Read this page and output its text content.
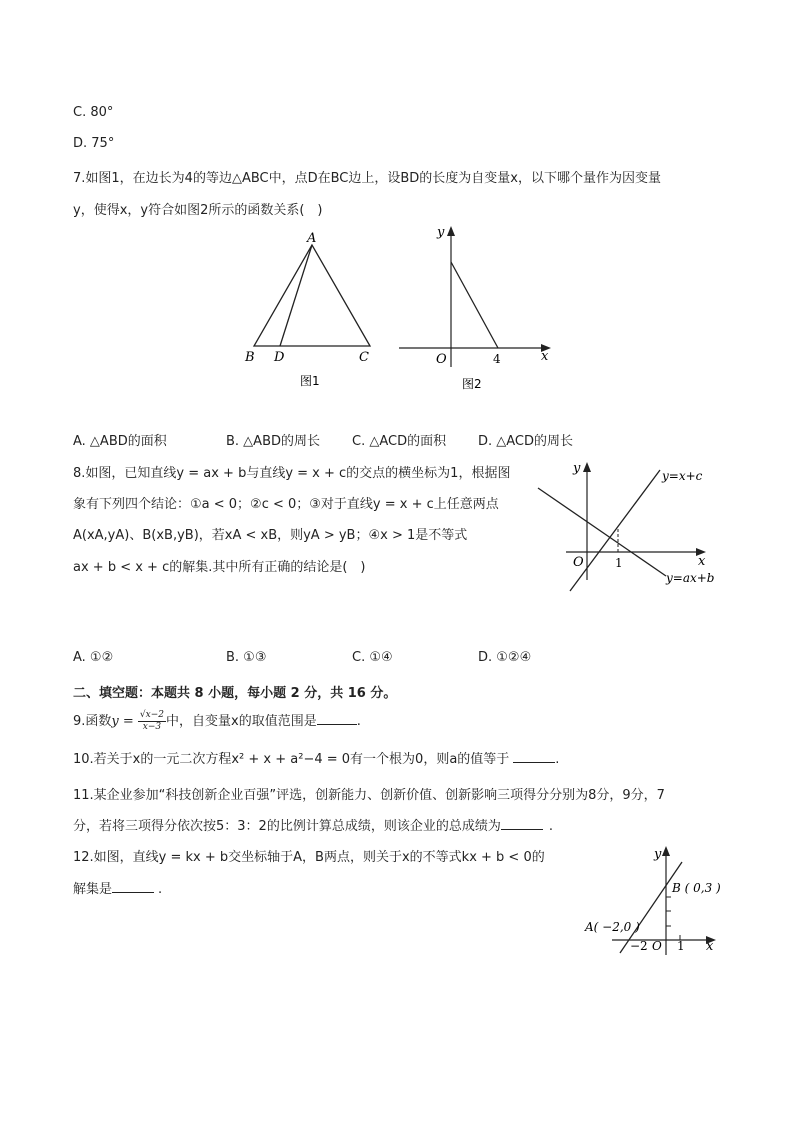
C. 80°
D. 75°
7.如图1，在边长为4的等边△ABC中，点D在BC边上，设BD的长度为自变量x，以下哪个量作为因变量
y，使得x，y符合如图2所示的函数关系(　)
A
B D	C
图1
y
x
O	4
图2
A. △ABD的面积	B. △ABD的周长 C. △ACD的面积 D. △ACD的周长
8.如图，已知直线y = ax + b与直线y = x + c的交点的横坐标为1，根据图
象有下列四个结论：①a < 0；②c < 0；③对于直线y = x + c上任意两点
A(xA,yA)、B(xB,yB)，若xA < xB，则yA > yB；④x > 1是不等式
ax + b < x + c的解集.其中所有正确的结论是(　)
y
x
O	1
y=x+c
y=ax+b
A. ①②	B. ①③	C. ①④	D. ①②④
二、填空题：本题共 8 小题，每小题 2 分，共 16 分。
9.函数$y = \frac{√x-2}{x-3}$ 中，自变量x的取值范围是	.
10.若关于x的一元二次方程x² + x + a²−4 = 0有一个根为0，则a的值等于	.
11.某企业参加“科技创新企业百强”评选，创新能力、创新价值、创新影响三项得分分别为8分，9分，7
分，若将三项得分依次按5：3：2的比例计算总成绩，则该企业的总成绩为	.
12.如图，直线y = kx + b交坐标轴于A，B两点，则关于x的不等式kx + b < 0的
解集是	.
y
x
O
B ( 0,3 )
A( −2,0 )
−2 1
